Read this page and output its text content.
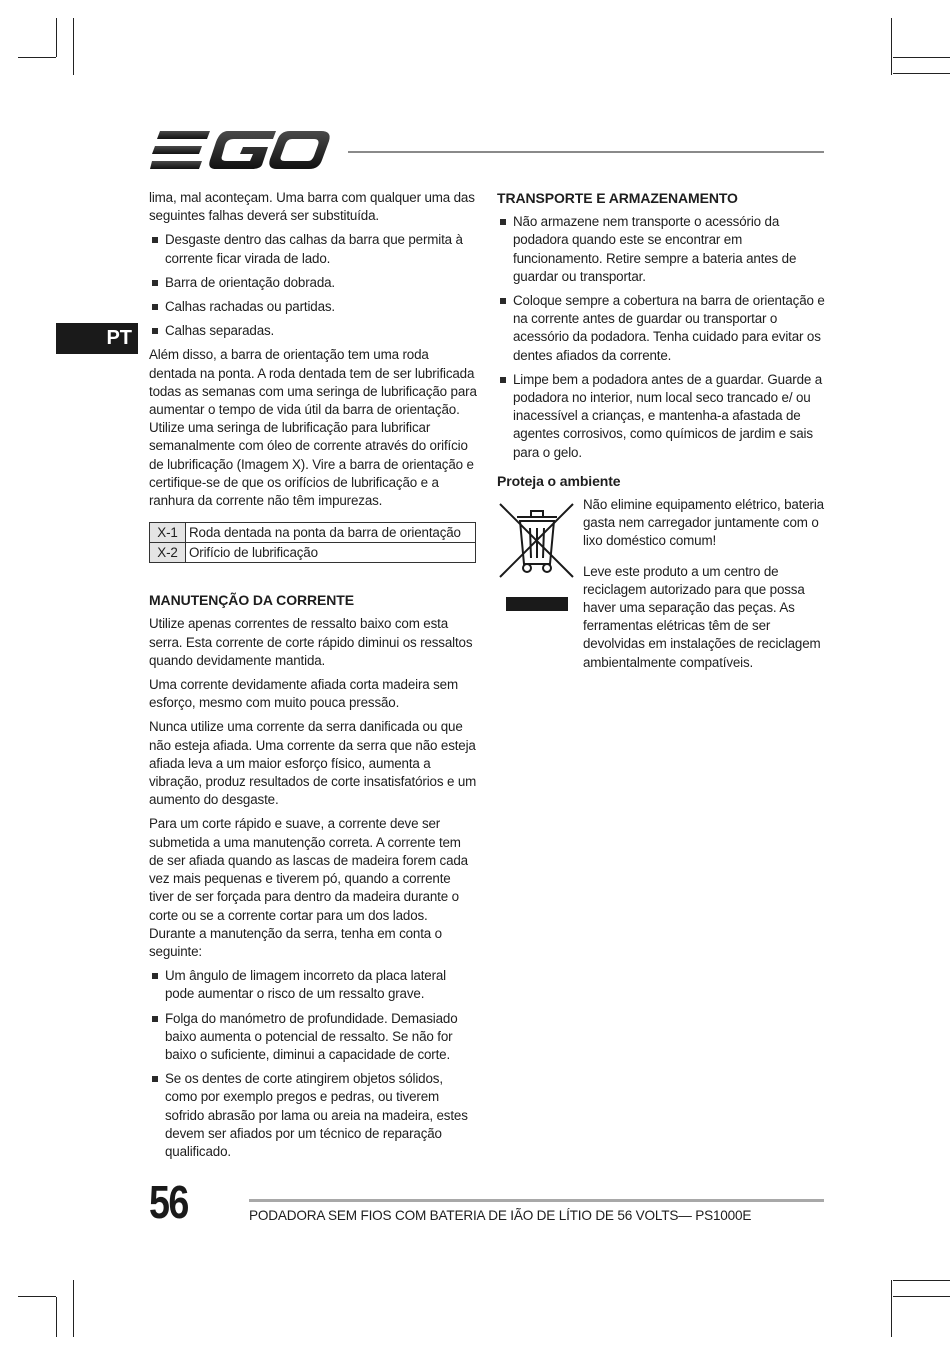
PT

lima, mal aconteçam. Uma barra com qualquer uma das seguintes falhas deverá ser substituída.

Desgaste dentro das calhas da barra que permita à corrente ficar virada de lado.
Barra de orientação dobrada.
Calhas rachadas ou partidas.
Calhas separadas.

Além disso, a barra de orientação tem uma roda dentada na ponta. A roda dentada tem de ser lubrificada todas as semanas com uma seringa de lubrificação para aumentar o tempo de vida útil da barra de orientação. Utilize uma seringa de lubrificação para lubrificar semanalmente com óleo de corrente através do orifício de lubrificação (Imagem X). Vire a barra de orientação e certifique-se de que os orifícios de lubrificação e a ranhura da corrente não têm impurezas.

X-1	Roda dentada na ponta da barra de orientação
X-2	Orifício de lubrificação
MANUTENÇÃO DA CORRENTE

Utilize apenas correntes de ressalto baixo com esta serra. Esta corrente de corte rápido diminui os ressaltos quando devidamente mantida.

Uma corrente devidamente afiada corta madeira sem esforço, mesmo com muito pouca pressão.

Nunca utilize uma corrente da serra danificada ou que não esteja afiada. Uma corrente da serra que não esteja afiada leva a um maior esforço físico, aumenta a vibração, produz resultados de corte insatisfatórios e um aumento do desgaste.

Para um corte rápido e suave, a corrente deve ser submetida a uma manutenção correta. A corrente tem de ser afiada quando as lascas de madeira forem cada vez mais pequenas e tiverem pó, quando a corrente tiver de ser forçada para dentro da madeira durante o corte ou se a corrente cortar para um dos lados. Durante a manutenção da serra, tenha em conta o seguinte:

Um ângulo de limagem incorreto da placa lateral pode aumentar o risco de um ressalto grave.
Folga do manómetro de profundidade. Demasiado baixo aumenta o potencial de ressalto. Se não for baixo o suficiente, diminui a capacidade de corte.
Se os dentes de corte atingirem objetos sólidos, como por exemplo pregos e pedras, ou tiverem sofrido abrasão por lama ou areia na madeira, estes devem ser afiados por um técnico de reparação qualificado.
TRANSPORTE E ARMAZENAMENTO
Não armazene nem transporte o acessório da podadora quando este se encontrar em funcionamento. Retire sempre a bateria antes de guardar ou transportar.
Coloque sempre a cobertura na barra de orientação e na corrente antes de guardar ou transportar o acessório da podadora. Tenha cuidado para evitar os dentes afiados da corrente.
Limpe bem a podadora antes de a guardar. Guarde a podadora no interior, num local seco trancado e/ ou inacessível a crianças, e mantenha-a afastada de agentes corrosivos, como químicos de jardim e sais para o gelo.
Proteja o ambiente

Não elimine equipamento elétrico, bateria gasta nem carregador juntamente com o lixo doméstico comum!

Leve este produto a um centro de reciclagem autorizado para que possa haver uma separação das peças. As ferramentas elétricas têm de ser devolvidas em instalações de reciclagem ambientalmente compatíveis.

56	PODADORA SEM FIOS COM BATERIA DE IÃO DE LÍTIO DE 56 VOLTS— PS1000E
